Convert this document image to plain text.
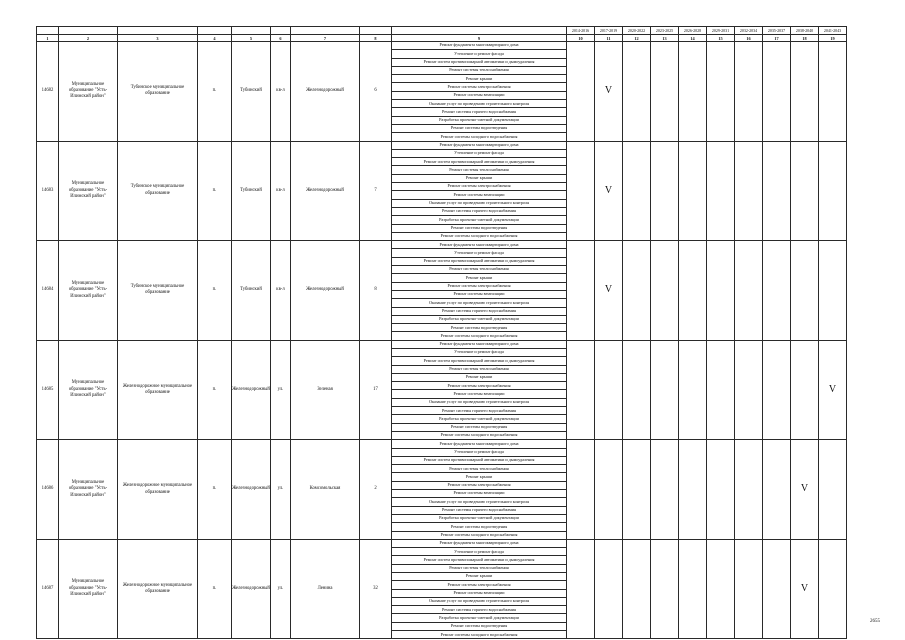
									2014-2016	2017-2019	2020-2022	2023-2025	2026-2028	2029-2031	2032-2034	2035-2037	2038-2040	2041-2043
1	2	3	4	5	6	7	8	9	10	11	12	13	14	15	16	17	18	19
14682	Муниципальное образование "Усть-Илимский район"	Тубинское муниципальное образование	п.	Тубинский	кв-л	Железнодорожный	6	Ремонт фундамента многоквартирного дома		V								
								Утепление и ремонт фасада										
								Ремонт систем противопожарной автоматики и дымоудаления										
								Ремонт системы теплоснабжения										
								Ремонт крыши										
								Ремонт системы электроснабжения										
								Ремонт системы вентиляции										
								Оказание услуг по проведению строительного контроля										
								Ремонт системы горячего водоснабжения										
								Разработка проектно-сметной документации										
								Ремонт системы водоотведения										
								Ремонт системы холодного водоснабжения										
14683	Муниципальное образование "Усть-Илимский район"	Тубинское муниципальное образование	п.	Тубинский	кв-л	Железнодорожный	7	Ремонт фундамента многоквартирного дома		V								
								Утепление и ремонт фасада										
								Ремонт систем противопожарной автоматики и дымоудаления										
								Ремонт системы теплоснабжения										
								Ремонт крыши										
								Ремонт системы электроснабжения										
								Ремонт системы вентиляции										
								Оказание услуг по проведению строительного контроля										
								Ремонт системы горячего водоснабжения										
								Разработка проектно-сметной документации										
								Ремонт системы водоотведения										
								Ремонт системы холодного водоснабжения										
14684	Муниципальное образование "Усть-Илимский район"	Тубинское муниципальное образование	п.	Тубинский	кв-л	Железнодорожный	8	Ремонт фундамента многоквартирного дома		V								
								Утепление и ремонт фасада										
								Ремонт систем противопожарной автоматики и дымоудаления										
								Ремонт системы теплоснабжения										
								Ремонт крыши										
								Ремонт системы электроснабжения										
								Ремонт системы вентиляции										
								Оказание услуг по проведению строительного контроля										
								Ремонт системы горячего водоснабжения										
								Разработка проектно-сметной документации										
								Ремонт системы водоотведения										
								Ремонт системы холодного водоснабжения										
14685	Муниципальное образование "Усть-Илимский район"	Железнодорожное муниципальное образование	п.	Железнодорожный	ул.	Зеленая	17	Ремонт фундамента многоквартирного дома										V
								Утепление и ремонт фасада										
								Ремонт систем противопожарной автоматики и дымоудаления										
								Ремонт системы теплоснабжения										
								Ремонт крыши										
								Ремонт системы электроснабжения										
								Ремонт системы вентиляции										
								Оказание услуг по проведению строительного контроля										
								Ремонт системы горячего водоснабжения										
								Разработка проектно-сметной документации										
								Ремонт системы водоотведения										
								Ремонт системы холодного водоснабжения										
14686	Муниципальное образование "Усть-Илимский район"	Железнодорожное муниципальное образование	п.	Железнодорожный	ул.	Комсомольская	2	Ремонт фундамента многоквартирного дома									V	
								Утепление и ремонт фасада										
								Ремонт систем противопожарной автоматики и дымоудаления										
								Ремонт системы теплоснабжения										
								Ремонт крыши										
								Ремонт системы электроснабжения										
								Ремонт системы вентиляции										
								Оказание услуг по проведению строительного контроля										
								Ремонт системы горячего водоснабжения										
								Разработка проектно-сметной документации										
								Ремонт системы водоотведения										
								Ремонт системы холодного водоснабжения										
14687	Муниципальное образование "Усть-Илимский район"	Железнодорожное муниципальное образование	п.	Железнодорожный	ул.	Ленина	32	Ремонт фундамента многоквартирного дома									V	
								Утепление и ремонт фасада										
								Ремонт систем противопожарной автоматики и дымоудаления										
								Ремонт системы теплоснабжения										
								Ремонт крыши										
								Ремонт системы электроснабжения										
								Ремонт системы вентиляции										
								Оказание услуг по проведению строительного контроля										
								Ремонт системы горячего водоснабжения										
								Разработка проектно-сметной документации										
								Ремонт системы водоотведения										
								Ремонт системы холодного водоснабжения										
2655
